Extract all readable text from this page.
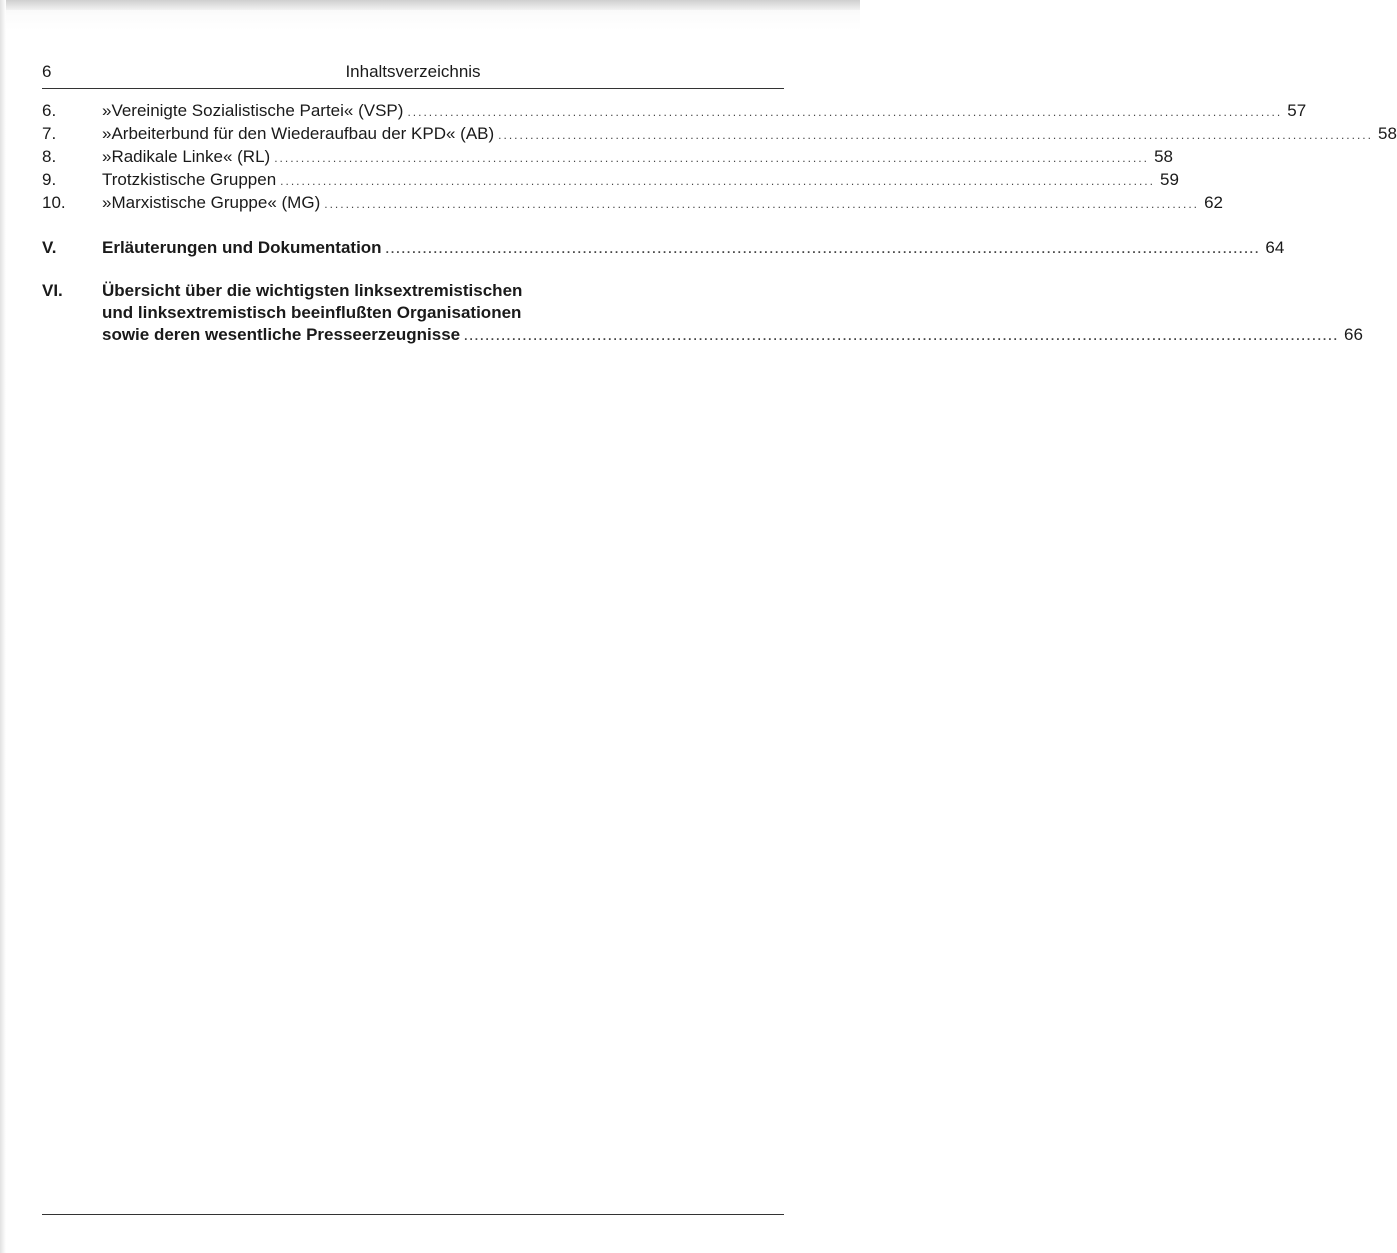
6	Inhaltsverzeichnis
6.	»Vereinigte Sozialistische Partei« (VSP) .................................................................................................................................................................... 57
7.	»Arbeiterbund für den Wiederaufbau der KPD« (AB) .................................................................................................................................................................... 58
8.	»Radikale Linke« (RL) .................................................................................................................................................................... 58
9.	Trotzkistische Gruppen .................................................................................................................................................................... 59
10.	»Marxistische Gruppe« (MG) .................................................................................................................................................................... 62
V.	Erläuterungen und Dokumentation .................................................................................................................................................................... 64
VI.	Übersicht über die wichtigsten linksextremistischen
und linksextremistisch beeinflußten Organisationen
sowie deren wesentliche Presseerzeugnisse .................................................................................................................................................................... 66
